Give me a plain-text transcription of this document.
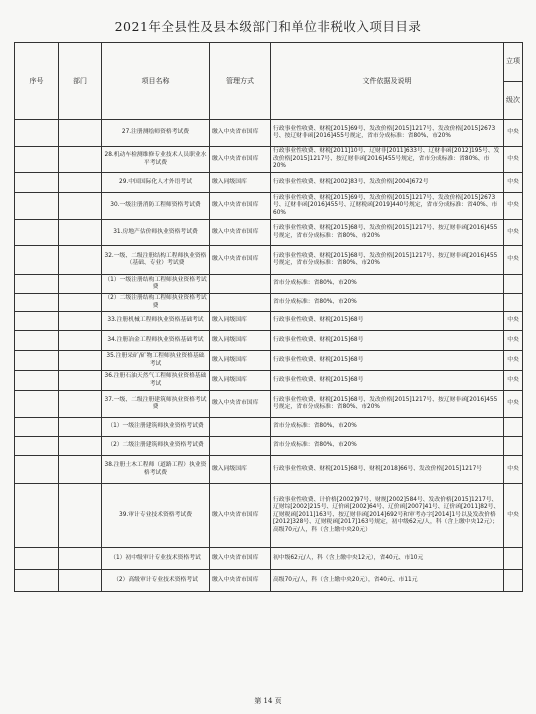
2021年全县性及县本级部门和单位非税收入项目目录
序号	部门	项目名称	管理方式	文件依据及说明	立项
级次

		27.注册测绘师资格考试费	缴入中央省市国库	行政事业性收费、财税[2015]69号、发改价格[2015]1217号、发改价格[2015]2673号、按辽财非函[2016]455号规定，省市分成标准：省80%、市20%	中央
		28.机动车检测维修专业技术人员职业水平考试费	缴入中央省市国库	行政事业性收费、财税[2011]10号、辽财非[2011]633号、辽财非函[2012]195号、发改价格[2015]1217号、按辽财非函[2016]455号规定，省市分成标准：省80%、市20%	中央
		29.中国国际化人才外语考试	缴入同级国库	行政事业性收费、财税[2002]83号、发改价格[2004]672号	中央
		30.一级注册消防工程师资格考试费	缴入中央省市国库	行政事业性收费、财税[2015]69号、发改价格[2015]1217号、发改价格[2015]2673号、辽财非函[2016]455号、辽财税函[2019]440号规定，省市分成标准：省40%、市60%	中央
		31.房地产估价师执业资格考试费	缴入中央省市国库	行政事业性收费、财税[2015]68号、发改价格[2015]1217号、按辽财非函[2016]455号规定，省市分成标准：省80%、市20%	中央
		32.一级、二级注册结构工程师执业资格（基础、专业）考试费	缴入中央省市国库	行政事业性收费、财税[2015]68号、发改价格[2015]1217号、按辽财非函[2016]455号规定，省市分成标准：省80%、市20%	中央
		（1）一级注册结构工程师执业资格考试费		省市分成标准：省80%、市20%	
		（2）二级注册结构工程师执业资格考试费		省市分成标准：省80%、市20%	
		33.注册机械工程师执业资格基础考试	缴入同级国库	行政事业性收费、财税[2015]68号	中央
		34.注册冶金工程师执业资格基础考试	缴入同级国库	行政事业性收费、财税[2015]68号	中央
		35.注册采矿/矿物工程师执业资格基础考试	缴入同级国库	行政事业性收费、财税[2015]68号	中央
		36.注册石油天然气工程师执业资格基础考试	缴入同级国库	行政事业性收费、财税[2015]68号	中央
		37.一级、二级注册建筑师执业资格考试费	缴入中央省市国库	行政事业性收费、财税[2015]68号、发改价格[2015]1217号、按辽财非函[2016]455号规定，省市分成标准：省80%、市20%	中央
		（1）一级注册建筑师执业资格考试费		省市分成标准：省80%、市20%	
		（2）二级注册建筑师执业资格考试费		省市分成标准：省80%、市20%	
		38.注册土木工程师（道路工程）执业资格考试费	缴入同级国库	行政事业性收费、财税[2015]68号、财税[2018]66号、发改价格[2015]1217号	中央
		39.审计专业技术资格考试费	缴入中央省市国库	行政事业性收费、计价格[2002]97号、财规[2002]584号、发改价格[2015]1217号、辽财综[2002]215号、辽价函[2002]64号、辽价函[2007]41号、辽价函[2011]82号、辽财税函[2011]163号、按辽财非函[2014]692号和审考办字[2014]1号以及发改价格[2012]328号、辽财税函[2017]163号规定，初中级62元/人，科（含上缴中央12元）；高级70元/人，科（含上缴中央20元）	中央
		（1）初中级审计专业技术资格考试	缴入中央省市国库	初中级62元/人，科（含上缴中央12元），省40元、市10元	
		（2）高级审计专业技术资格考试	缴入中央省市国库	高级70元/人，科（含上缴中央20元），省40元、市11元	
第 14 页
